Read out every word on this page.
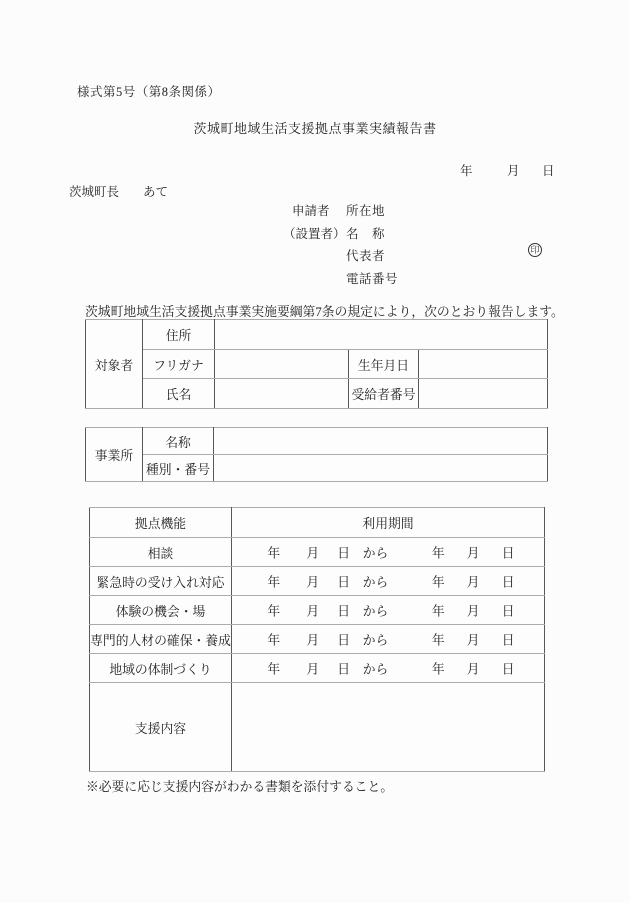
様式第5号（第8条関係）
茨城町地域生活支援拠点事業実績報告書
年	月 日
茨城町長 あて
申請者 所在地
（設置者） 名　称
代表者
電話番号
印
茨城町地域生活支援拠点事業実施要綱第7条の規定により，次のとおり報告します。
対象者	住所			
	フリガナ		生年月日	
	氏名		受給者番号	
事業所	名称	
	種別・番号	
拠点機能	利用期間
相談	年 月 日 から	年 月 日

緊急時の受け入れ対応	年 月 日 から	年 月 日

体験の機会・場	年 月 日 から	年 月 日

専門的人材の確保・養成	年 月 日 から	年 月 日

地域の体制づくり	年 月 日 から	年 月 日

支援内容	
※必要に応じ支援内容がわかる書類を添付すること。
